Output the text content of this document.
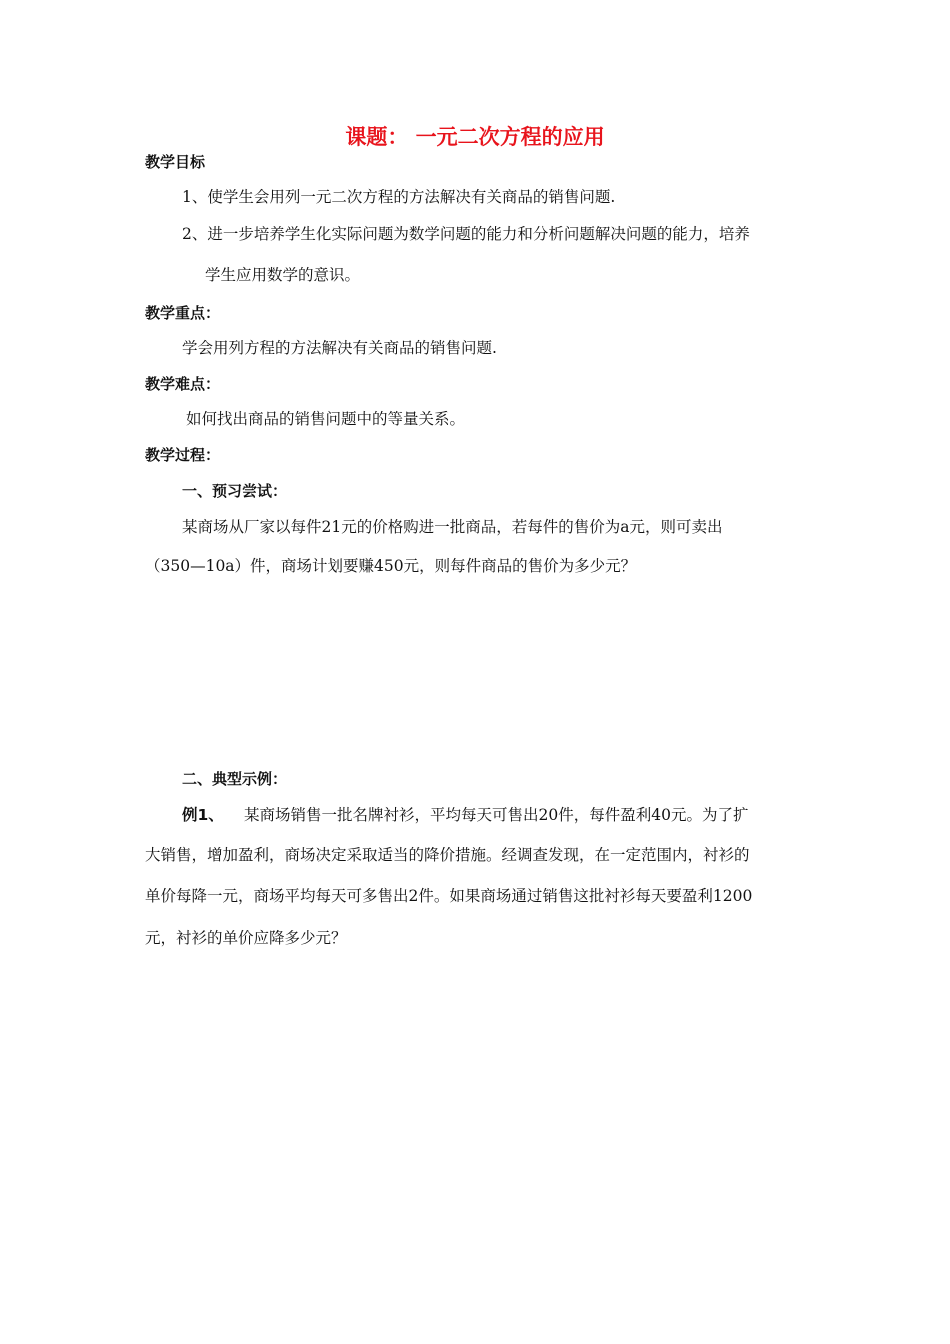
课题： 一元二次方程的应用
教学目标
1、使学生会用列一元二次方程的方法解决有关商品的销售问题.
2、进一步培养学生化实际问题为数学问题的能力和分析问题解决问题的能力，培养
学生应用数学的意识。
教学重点：
学会用列方程的方法解决有关商品的销售问题.
教学难点：
如何找出商品的销售问题中的等量关系。
教学过程：
一、预习尝试：
某商场从厂家以每件21元的价格购进一批商品，若每件的售价为a元，则可卖出
（350—10a）件，商场计划要赚450元，则每件商品的售价为多少元？
二、典型示例：
例1、 某商场销售一批名牌衬衫，平均每天可售出20件，每件盈利40元。为了扩
大销售，增加盈利，商场决定采取适当的降价措施。经调查发现，在一定范围内，衬衫的
单价每降一元，商场平均每天可多售出2件。如果商场通过销售这批衬衫每天要盈利1200
元，衬衫的单价应降多少元？
